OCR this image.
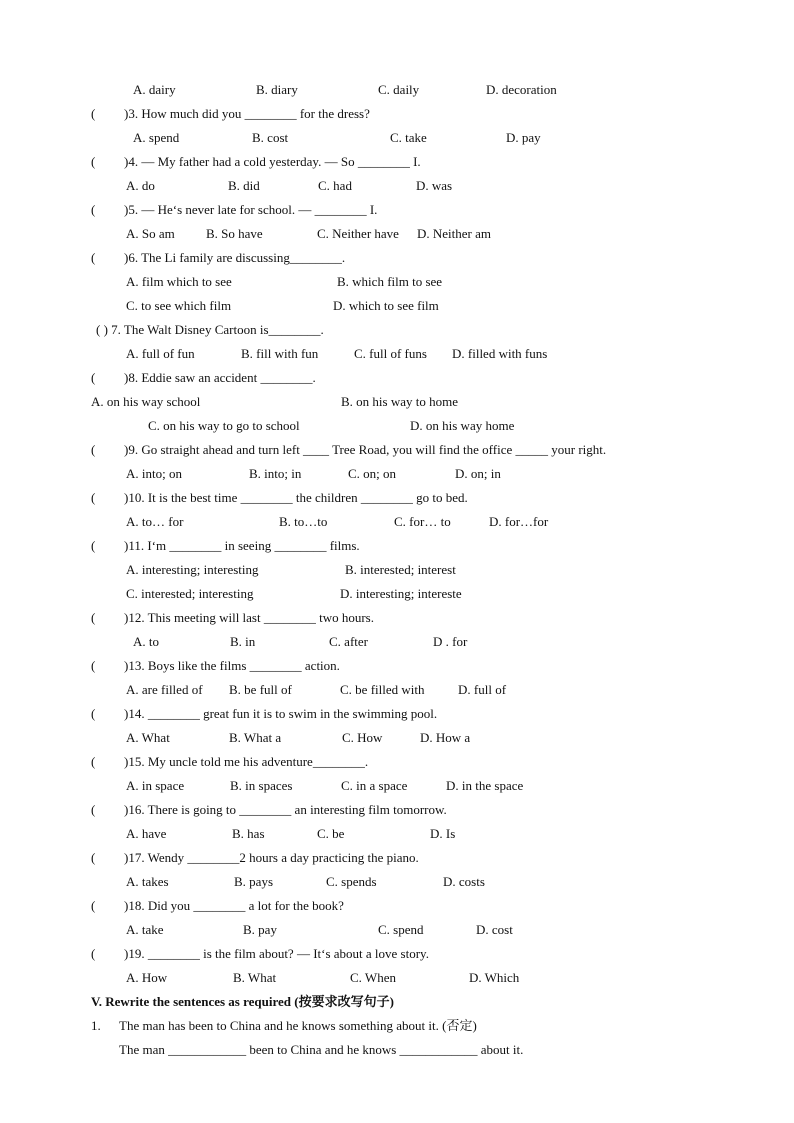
A. dairy	B. diary	C. daily	D. decoration
( )3. How much did you ________ for the dress?
A. spend	B. cost	C. take	D. pay
( )4. — My father had a cold yesterday. — So ________ I.
A. do	B. did	C. had	D. was
( )5. — He‘s never late for school. — ________ I.
A. So am B. So have	C. Neither have D. Neither am
( )6. The Li family are discussing________.
A. film which to see	B. which film to see
C. to see which film	D. which to see film
( ) 7. The Walt Disney Cartoon is________.
A. full of fun	B. fill with fun	C. full of funs D. filled with funs
( )8. Eddie saw an accident ________.
A. on his way school	B. on his way to home
C. on his way to go to school	D. on his way home
( )9. Go straight ahead and turn left ____ Tree Road, you will find the office _____ your right.
A. into; on	B. into; in	C. on; on	D. on; in
( )10. It is the best time ________ the children ________ go to bed.
A. to… for	B. to…to	C. for… to	D. for…for
( )11. I‘m ________ in seeing ________ films.
A. interesting; interesting	B. interested; interest
C. interested; interesting	D. interesting; intereste
( )12. This meeting will last ________ two hours.
A. to	B. in	C. after	D . for
( )13. Boys like the films ________ action.
A. are filled of B. be full of	C. be filled with	D. full of
( )14. ________ great fun it is to swim in the swimming pool.
A. What	B. What a	C. How	D. How a
( )15. My uncle told me his adventure________.
A. in space	B. in spaces	C. in a space	D. in the space
( )16. There is going to ________ an interesting film tomorrow.
A. have	B. has	C. be	D. Is
( )17. Wendy ________2 hours a day practicing the piano.
A. takes	B. pays	C. spends	D. costs
( )18. Did you ________ a lot for the book?
A. take	B. pay	C. spend	D. cost
( )19. ________ is the film about? — It‘s about a love story.
A. How	B. What	C. When	D. Which
V. Rewrite the sentences as required (按要求改写句子)
1. The man has been to China and he knows something about it. (否定)
The man ____________ been to China and he knows ____________ about it.
